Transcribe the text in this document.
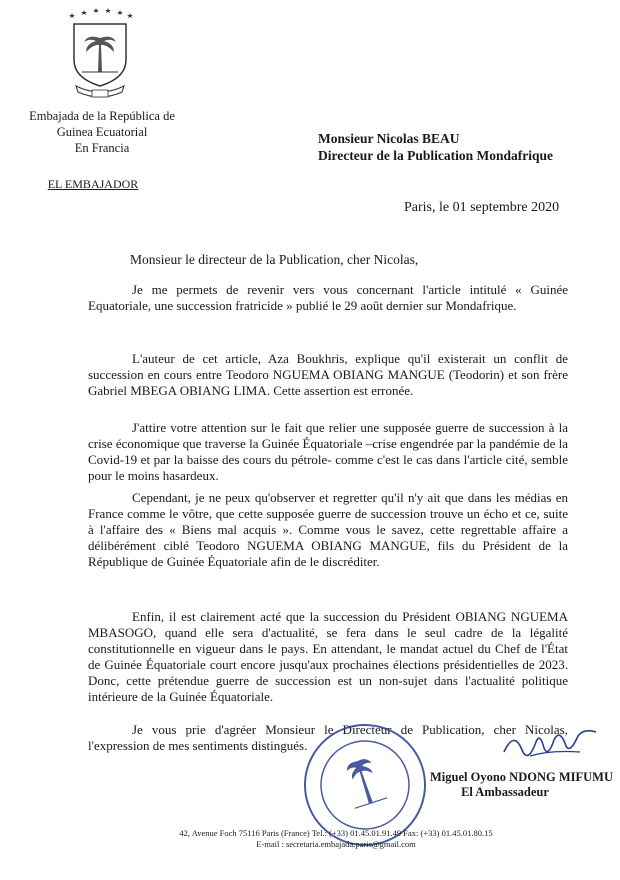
Embajada de la República de
Guinea Ecuatorial
En Francia
EL EMBAJADOR
Monsieur Nicolas BEAU
Directeur de la Publication Mondafrique
Paris, le 01 septembre 2020
Monsieur le directeur de la Publication, cher Nicolas,

Je me permets de revenir vers vous concernant l'article intitulé « Guinée Equatoriale, une succession fratricide » publié le 29 août dernier sur Mondafrique.

L'auteur de cet article, Aza Boukhris, explique qu'il existerait un conflit de succession en cours entre Teodoro NGUEMA OBIANG MANGUE (Teodorin) et son frère Gabriel MBEGA OBIANG LIMA. Cette assertion est erronée.

J'attire votre attention sur le fait que relier une supposée guerre de succession à la crise économique que traverse la Guinée Équatoriale –crise engendrée par la pandémie de la Covid-19 et par la baisse des cours du pétrole- comme c'est le cas dans l'article cité, semble pour le moins hasardeux.

Cependant, je ne peux qu'observer et regretter qu'il n'y ait que dans les médias en France comme le vôtre, que cette supposée guerre de succession trouve un écho et ce, suite à l'affaire des « Biens mal acquis ». Comme vous le savez, cette regrettable affaire a délibérément ciblé Teodoro NGUEMA OBIANG MANGUE, fils du Président de la République de Guinée Équatoriale afin de le discréditer.

Enfin, il est clairement acté que la succession du Président OBIANG NGUEMA MBASOGO, quand elle sera d'actualité, se fera dans le seul cadre de la légalité constitutionnelle en vigueur dans le pays. En attendant, le mandat actuel du Chef de l'État de Guinée Équatoriale court encore jusqu'aux prochaines élections présidentielles de 2023. Donc, cette prétendue guerre de succession est un non-sujet dans l'actualité politique intérieure de la Guinée Équatoriale.

Je vous prie d'agréer Monsieur le Directeur de Publication, cher Nicolas, l'expression de mes sentiments distingués.

Miguel Oyono NDONG MIFUMU
El Ambassadeur
42, Avenue Foch 75116 Paris (France) Tel.: (+33) 01.45.01.91.49 Fax: (+33) 01.45.01.80.15
E-mail : secretaria.embajada.paris@gmail.com
